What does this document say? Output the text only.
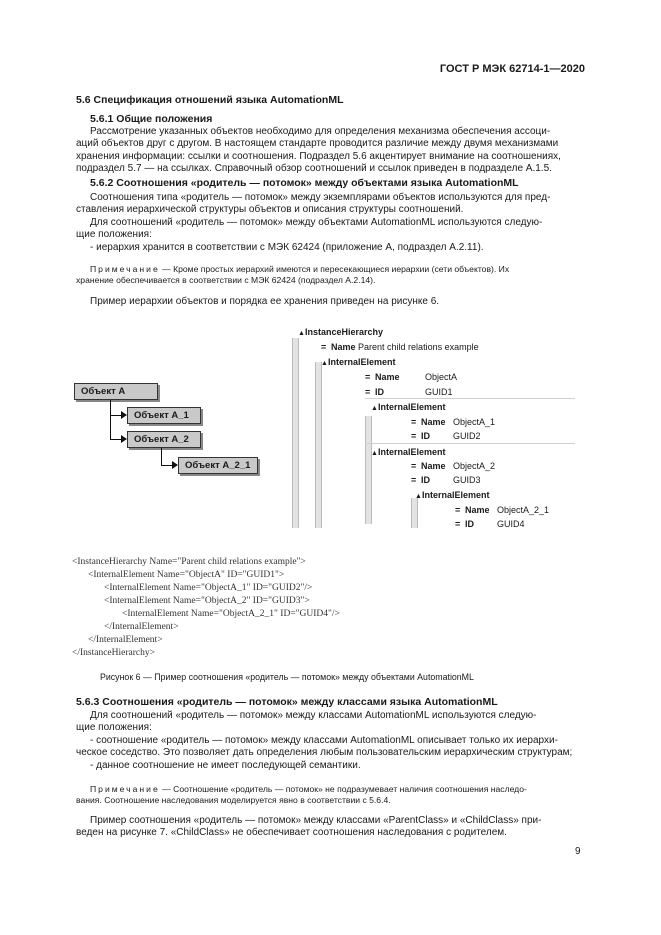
ГОСТ Р МЭК 62714-1—2020
5.6 Спецификация отношений языка AutomationML
5.6.1 Общие положения
Рассмотрение указанных объектов необходимо для определения механизма обеспечения ассоци-
аций объектов друг с другом. В настоящем стандарте проводится различие между двумя механизмами
хранения информации: ссылки и соотношения. Подраздел 5.6 акцентирует внимание на соотношениях,
подраздел 5.7 — на ссылках. Справочный обзор соотношений и ссылок приведен в подразделе А.1.5.
5.6.2 Соотношения «родитель — потомок» между объектами языка AutomationML
Соотношения типа «родитель — потомок» между экземплярами объектов используются для пред-
ставления иерархической структуры объектов и описания структуры соотношений.
Для соотношений «родитель — потомок» между объектами AutomationML используются следую-
щие положения:
- иерархия хранится в соответствии с МЭК 62424 (приложение А, подраздел А.2.11).
Примечание — Кроме простых иерархий имеются и пересекающиеся иерархии (сети объектов). Их
хранение обеспечивается в соответствии с МЭК 62424 (подраздел А.2.14).
Пример иерархии объектов и порядка ее хранения приведен на рисунке 6.
Объект А
Объект А_1
Объект А_2
Объект А_2_1
▲InstanceHierarchy
= Name Parent child relations example
▲InternalElement
= Name	ObjectA
= ID	GUID1
▲InternalElement
= Name ObjectA_1
= ID	GUID2
▲InternalElement
= Name ObjectA_2
= ID	GUID3
▲InternalElement
= Name ObjectA_2_1
= ID	GUID4
<InstanceHierarchy Name="Parent child relations example">
<InternalElement Name="ObjectA" ID="GUID1">
<InternalElement Name="ObjectA_1" ID="GUID2"/>
<InternalElement Name="ObjectA_2" ID="GUID3">
<InternalElement Name="ObjectA_2_1" ID="GUID4"/>
</InternalElement>
</InternalElement>
</InstanceHierarchy>
Рисунок 6 — Пример соотношения «родитель — потомок» между объектами AutomationML
5.6.3 Соотношения «родитель — потомок» между классами языка AutomationML
Для соотношений «родитель — потомок» между классами AutomationML используются следую-
щие положения:
- соотношение «родитель — потомок» между классами AutomationML описывает только их иерархи-
ческое соседство. Это позволяет дать определения любым пользовательским иерархическим структурам;
- данное соотношение не имеет последующей семантики.
Примечание — Соотношение «родитель — потомок» не подразумевает наличия соотношения наследо-
вания. Соотношение наследования моделируется явно в соответствии с 5.6.4.
Пример соотношения «родитель — потомок» между классами «ParentClass» и «ChildClass» при-
веден на рисунке 7. «ChildClass» не обеспечивает соотношения наследования с родителем.
9
